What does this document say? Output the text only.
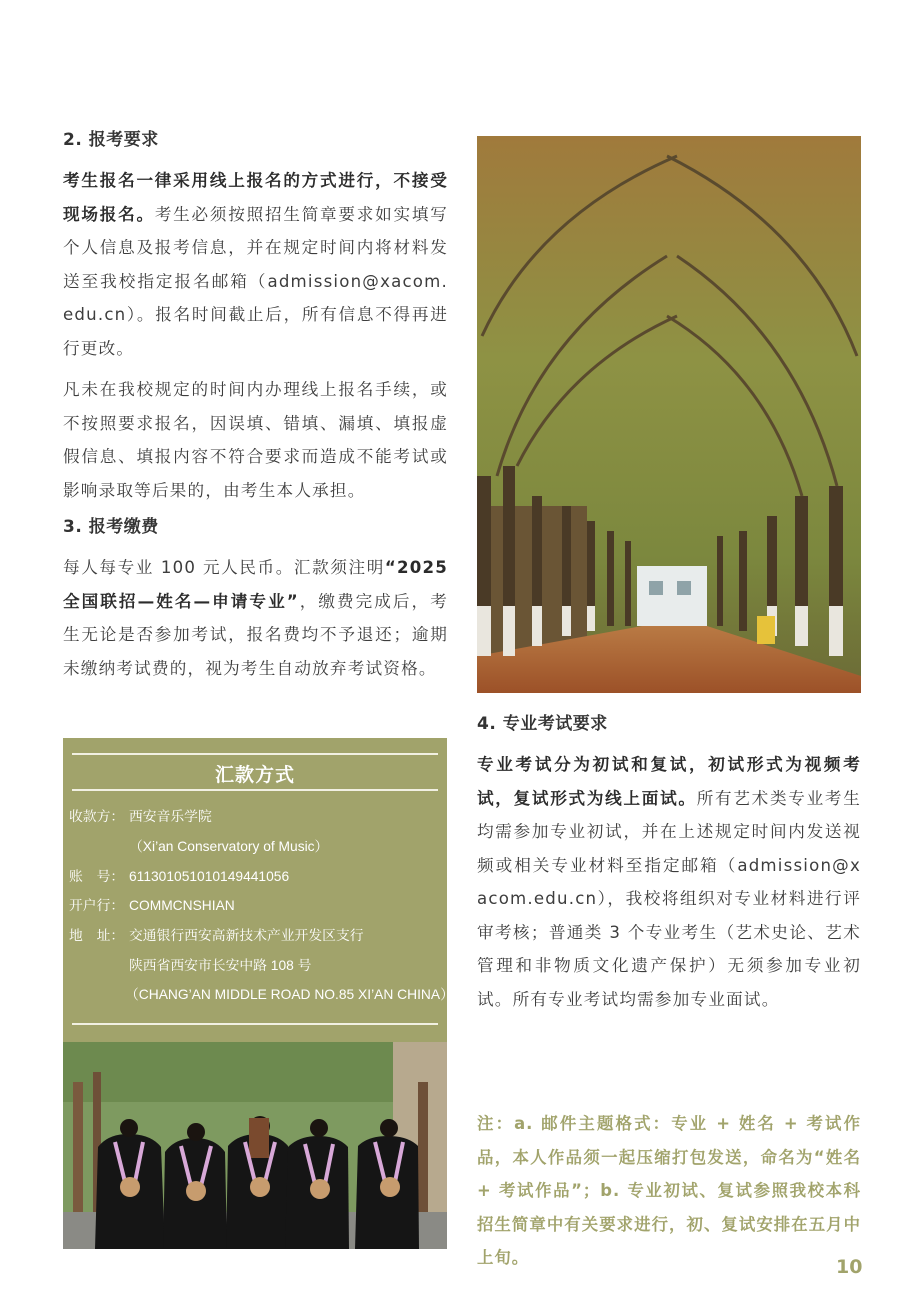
2. 报考要求

考生报名一律采用线上报名的方式进行，不接受现场报名。考生必须按照招生简章要求如实填写个人信息及报考信息，并在规定时间内将材料发送至我校指定报名邮箱（admission@xacom.edu.cn）。报名时间截止后，所有信息不得再进行更改。

凡未在我校规定的时间内办理线上报名手续，或不按照要求报名，因误填、错填、漏填、填报虚假信息、填报内容不符合要求而造成不能考试或影响录取等后果的，由考生本人承担。

3. 报考缴费

每人每专业 100 元人民币。汇款须注明“2025 全国联招—姓名—申请专业”，缴费完成后，考生无论是否参加考试，报名费均不予退还；逾期未缴纳考试费的，视为考生自动放弃考试资格。

汇款方式
收款方： 西安音乐学院
（Xi’an Conservatory of Music）
账　号： 611301051010149441056
开户行： COMMCNSHIAN
地　址： 交通银行西安高新技术产业开发区支行
陕西省西安市长安中路 108 号
（CHANG’AN MIDDLE ROAD NO.85 XI’AN CHINA）
4. 专业考试要求

专业考试分为初试和复试，初试形式为视频考试，复试形式为线上面试。所有艺术类专业考生均需参加专业初试，并在上述规定时间内发送视频或相关专业材料至指定邮箱（admission@xacom.edu.cn），我校将组织对专业材料进行评审考核；普通类 3 个专业考生（艺术史论、艺术管理和非物质文化遗产保护）无须参加专业初试。所有专业考试均需参加专业面试。

注：a. 邮件主题格式：专业 + 姓名 + 考试作品，本人作品须一起压缩打包发送，命名为“姓名 + 考试作品”；b. 专业初试、复试参照我校本科招生简章中有关要求进行，初、复试安排在五月中上旬。	10
